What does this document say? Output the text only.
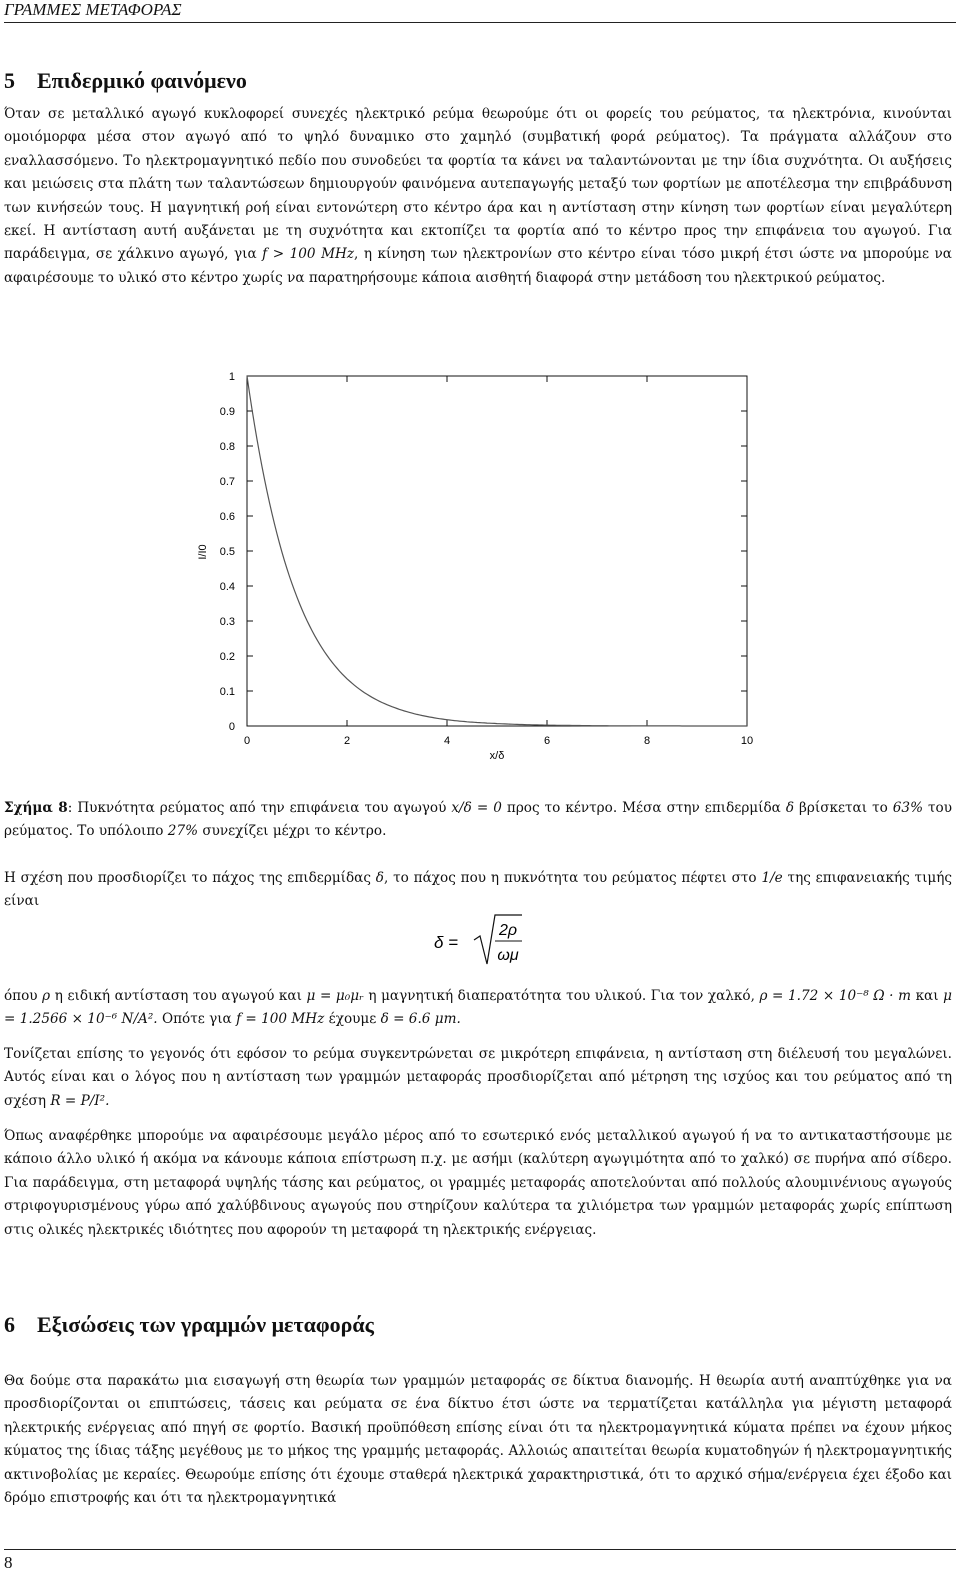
ΓΡΑΜΜΕΣ ΜΕΤΑΦΟΡΑΣ
5 Επιδερμικό φαινόμενο

Όταν σε μεταλλικό αγωγό κυκλοφορεί συνεχές ηλεκτρικό ρεύμα θεωρούμε ότι οι φορείς του ρεύματος, τα ηλεκτρόνια, κινούνται ομοιόμορφα μέσα στον αγωγό από το ψηλό δυναμικο στο χαμηλό (συμβατική φορά ρεύματος). Τα πράγματα αλλάζουν στο εναλλασσόμενο. Το ηλεκτρομαγνητικό πεδίο που συνοδεύει τα φορτία τα κάνει να ταλαντώνονται με την ίδια συχνότητα. Οι αυξήσεις και μειώσεις στα πλάτη των ταλαντώσεων δημιουργούν φαινόμενα αυτεπαγωγής μεταξύ των φορτίων με αποτέλεσμα την επιβράδυνση των κινήσεών τους. Η μαγνητική ροή είναι εντονώτερη στο κέντρο άρα και η αντίσταση στην κίνηση των φορτίων είναι μεγαλύτερη εκεί. Η αντίσταση αυτή αυξάνεται με τη συχνότητα και εκτοπίζει τα φορτία από το κέντρο προς την επιφάνεια του αγωγού. Για παράδειγμα, σε χάλκινο αγωγό, για f > 100 MHz, η κίνηση των ηλεκτρονίων στο κέντρο είναι τόσο μικρή έτσι ώστε να μπορούμε να αφαιρέσουμε το υλικό στο κέντρο χωρίς να παρατηρήσουμε κάποια αισθητή διαφορά στην μετάδοση του ηλεκτρικού ρεύματος.

0
0.1
0.2
0.3
0.4
0.5
0.6
0.7
0.8
0.9
1
0	2	4	6	8	10
I/I0
x/δ

Σχήμα 8: Πυκνότητα ρεύματος από την επιφάνεια του αγωγού x/δ = 0 προς το κέντρο. Μέσα στην επιδερμίδα δ βρίσκεται το 63% του ρεύματος. Το υπόλοιπο 27% συνεχίζει μέχρι το κέντρο.

Η σχέση που προσδιορίζει το πάχος της επιδερμίδας δ, το πάχος που η πυκνότητα του ρεύματος πέφτει στο 1/e της επιφανειακής τιμής είναι

δ =
2ρ
ωμ

όπου ρ η ειδική αντίσταση του αγωγού και μ = μ₀μᵣ η μαγνητική διαπερατότητα του υλικού. Για τον χαλκό, ρ = 1.72 × 10⁻⁸ Ω · m και μ = 1.2566 × 10⁻⁶ N/A². Οπότε για f = 100 MHz έχουμε δ = 6.6 μm.

Τονίζεται επίσης το γεγονός ότι εφόσον το ρεύμα συγκεντρώνεται σε μικρότερη επιφάνεια, η αντίσταση στη διέλευσή του μεγαλώνει. Αυτός είναι και ο λόγος που η αντίσταση των γραμμών μεταφοράς προσδιορίζεται από μέτρηση της ισχύος και του ρεύματος από τη σχέση R = P/I².

Όπως αναφέρθηκε μπορούμε να αφαιρέσουμε μεγάλο μέρος από το εσωτερικό ενός μεταλλικού αγωγού ή να το αντικαταστήσουμε με κάποιο άλλο υλικό ή ακόμα να κάνουμε κάποια επίστρωση π.χ. με ασήμι (καλύτερη αγωγιμότητα από το χαλκό) σε πυρήνα από σίδερο. Για παράδειγμα, στη μεταφορά υψηλής τάσης και ρεύματος, οι γραμμές μεταφοράς αποτελούνται από πολλούς αλουμινένιους αγωγούς στριφογυρισμένους γύρω από χαλύβδινους αγωγούς που στηρίζουν καλύτερα τα χιλιόμετρα των γραμμών μεταφοράς χωρίς επίπτωση στις ολικές ηλεκτρικές ιδιότητες που αφορούν τη μεταφορά τη ηλεκτρικής ενέργειας.

6 Εξισώσεις των γραμμών μεταφοράς

Θα δούμε στα παρακάτω μια εισαγωγή στη θεωρία των γραμμών μεταφοράς σε δίκτυα διανομής. Η θεωρία αυτή αναπτύχθηκε για να προσδιορίζονται οι επιπτώσεις, τάσεις και ρεύματα σε ένα δίκτυο έτσι ώστε να τερματίζεται κατάλληλα για μέγιστη μεταφορά ηλεκτρικής ενέργειας από πηγή σε φορτίο. Βασική προϋπόθεση επίσης είναι ότι τα ηλεκτρομαγνητικά κύματα πρέπει να έχουν μήκος κύματος της ίδιας τάξης μεγέθους με το μήκος της γραμμής μεταφοράς. Αλλοιώς απαιτείται θεωρία κυματοδηγών ή ηλεκτρομαγνητικής ακτινοβολίας με κεραίες. Θεωρούμε επίσης ότι έχουμε σταθερά ηλεκτρικά χαρακτηριστικά, ότι το αρχικό σήμα/ενέργεια έχει έξοδο και δρόμο επιστροφής και ότι τα ηλεκτρομαγνητικά

8
